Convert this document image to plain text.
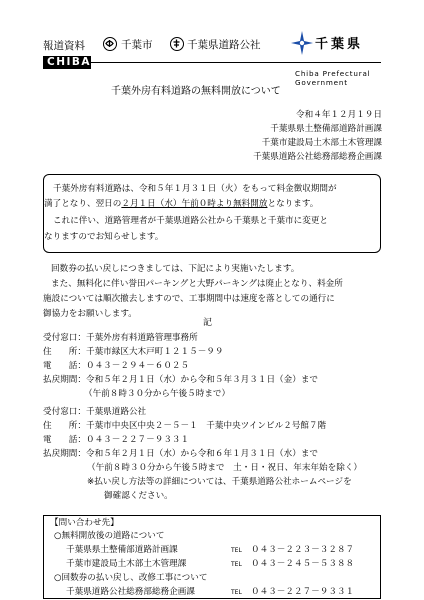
報道資料	千葉市	千葉県道路公社	千葉県
CHIBA
Chiba Prefectural Government
千葉外房有料道路の無料開放について
令和４年１２月１９日
千葉県県土整備部道路計画課
千葉市建設局土木部土木管理課
千葉県道路公社総務部総務企画課
千葉外房有料道路は、令和５年１月３１日（火）をもって料金徴収期間が
満了となり、翌日の２月１日（水）午前０時より無料開放となります。
これに伴い、道路管理者が千葉県道路公社から千葉県と千葉市に変更と
なりますのでお知らせします。
回数券の払い戻しにつきましては、下記により実施いたします。
また、無料化に伴い誉田パーキングと大野パーキングは廃止となり、料金所
施設については順次撤去しますので、工事期間中は速度を落としての通行に
御協力をお願いします。
記
受付窓口：千葉外房有料道路管理事務所
住　　所：千葉市緑区大木戸町１２１５－９９
電　　話：０４３－２９４－６０２５
払戻期間：令和５年２月１日（水）から令和５年３月３１日（金）まで
（午前８時３０分から午後５時まで）
受付窓口：千葉県道路公社
住　　所：千葉市中央区中央２－５－１　千葉中央ツインビル２号館７階
電　　話：０４３－２２７－９３３１
払戻期間：令和５年２月１日（水）から令和６年１月３１日（水）まで
（午前８時３０分から午後５時まで　土・日・祝日、年末年始を除く）
※払い戻し方法等の詳細については、千葉県道路公社ホームページを
御確認ください。
【問い合わせ先】
○無料開放後の道路について
千葉県県土整備部道路計画課	TEL ０４３－２２３－３２８７
千葉市建設局土木部土木管理課	TEL ０４３－２４５－５３８８
○回数券の払い戻し、改修工事について
千葉県道路公社総務部総務企画課	TEL ０４３－２２７－９３３１
